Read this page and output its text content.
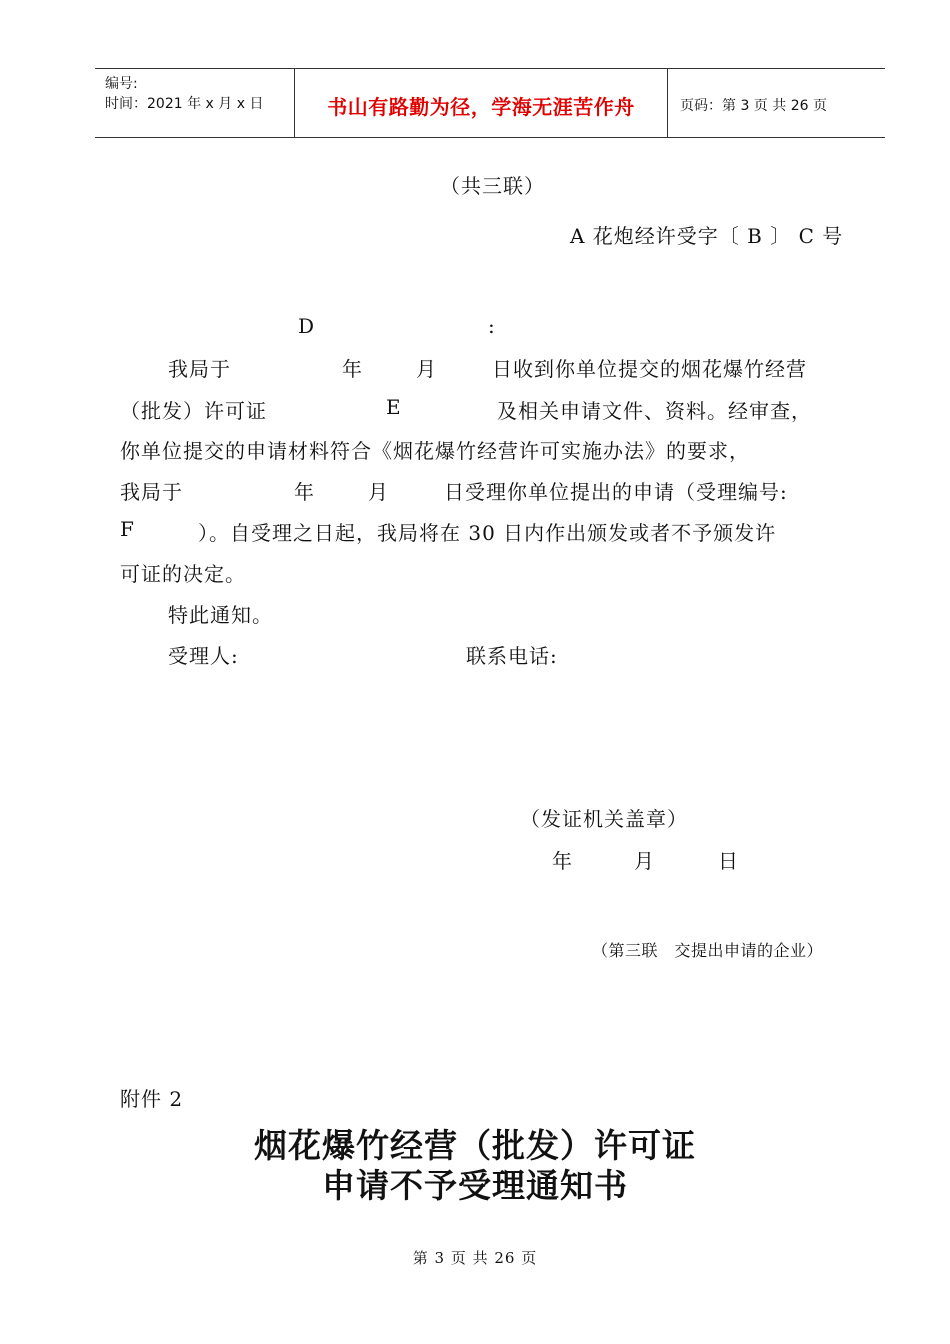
编号:
时间：2021 年 x 月 x 日	书山有路勤为径，学海无涯苦作舟	页码：第 3 页 共 26 页
（共三联）
A 花炮经许受字〔 B 〕 C 号
D	:
我局于	年	月	日收到你单位提交的烟花爆竹经营
（批发）许可证	E	及相关申请文件、资料。经审查，
你单位提交的申请材料符合《烟花爆竹经营许可实施办法》的要求，
我局于	年	月	日受理你单位提出的申请（受理编号:
F	）。自受理之日起，我局将在 30 日内作出颁发或者不予颁发许
可证的决定。
特此通知。
受理人:	联系电话:
（发证机关盖章）
年	月	日
（第三联　交提出申请的企业）
附件 2
烟花爆竹经营（批发）许可证
申请不予受理通知书
第 3 页 共 26 页
